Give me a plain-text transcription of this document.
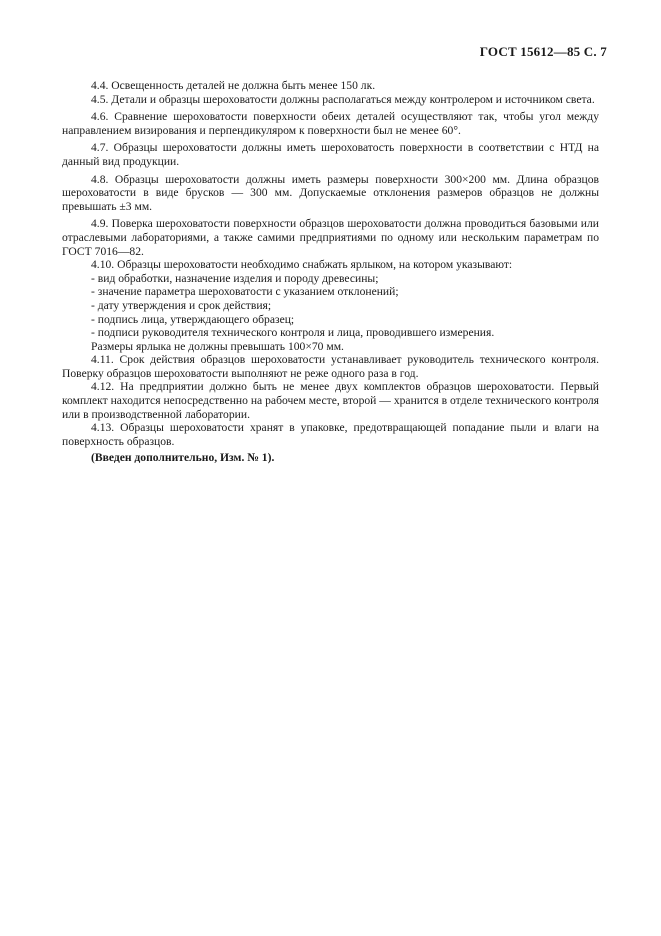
ГОСТ 15612—85 С. 7

4.4. Освещенность деталей не должна быть менее 150 лк.

4.5. Детали и образцы шероховатости должны располагаться между контролером и источником света.

4.6. Сравнение шероховатости поверхности обеих деталей осуществляют так, чтобы угол между направлением визирования и перпендикуляром к поверхности был не менее 60°.

4.7. Образцы шероховатости должны иметь шероховатость поверхности в соответствии с НТД на данный вид продукции.

4.8. Образцы шероховатости должны иметь размеры поверхности 300×200 мм. Длина образцов шероховатости в виде брусков — 300 мм. Допускаемые отклонения размеров образцов не должны превышать ±3 мм.

4.9. Поверка шероховатости поверхности образцов шероховатости должна проводиться базовыми или отраслевыми лабораториями, а также самими предприятиями по одному или нескольким параметрам по ГОСТ 7016—82.

4.10. Образцы шероховатости необходимо снабжать ярлыком, на котором указывают:

- вид обработки, назначение изделия и породу древесины;

- значение параметра шероховатости с указанием отклонений;

- дату утверждения и срок действия;

- подпись лица, утверждающего образец;

- подписи руководителя технического контроля и лица, проводившего измерения.

Размеры ярлыка не должны превышать 100×70 мм.

4.11. Срок действия образцов шероховатости устанавливает руководитель технического контроля. Поверку образцов шероховатости выполняют не реже одного раза в год.

4.12. На предприятии должно быть не менее двух комплектов образцов шероховатости. Первый комплект находится непосредственно на рабочем месте, второй — хранится в отделе технического контроля или в производственной лаборатории.

4.13. Образцы шероховатости хранят в упаковке, предотвращающей попадание пыли и влаги на поверхность образцов.

(Введен дополнительно, Изм. № 1).
